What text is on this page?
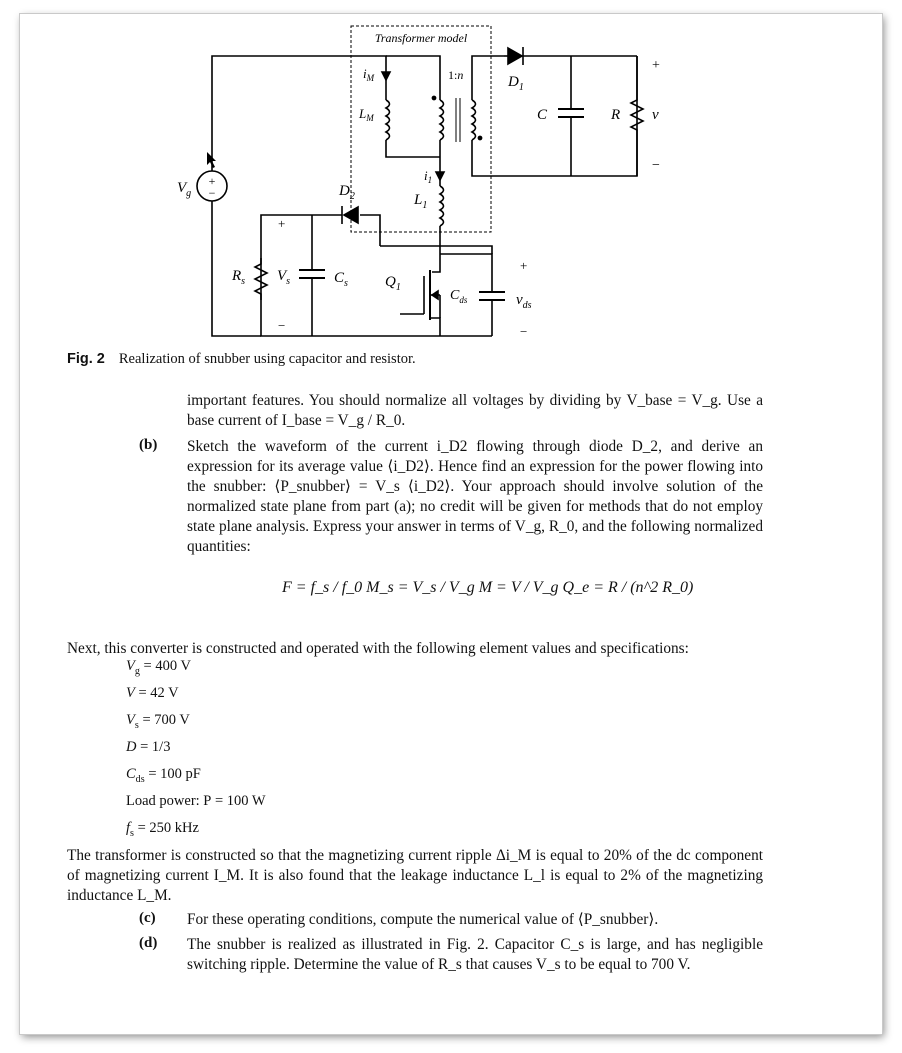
Transformer model
+
−
$V_g$
$i_M$
$L_M$
1:n	$D_1$
C	R
+
v
−
$i_1$
$L_1$
$D_2$
$R_s$
+
$V_s$
−
$C_s$ $Q_1$
$C_{ds}$
+
$v_{ds}$
−
Fig. 2 Realization of snubber using capacitor and resistor.
important features. You should normalize all voltages by dividing by V_base = V_g. Use a base current of I_base = V_g / R_0.
(b) Sketch the waveform of the current i_D2 flowing through diode D_2, and derive an expression for its average value ⟨i_D2⟩. Hence find an expression for the power flowing into the snubber: ⟨P_snubber⟩ = V_s ⟨i_D2⟩. Your approach should involve solution of the normalized state plane from part (a); no credit will be given for methods that do not employ state plane analysis. Express your answer in terms of V_g, R_0, and the following normalized quantities:
F = f_s / f_0 M_s = V_s / V_g M = V / V_g Q_e = R / (n^2 R_0)
Next, this converter is constructed and operated with the following element values and specifications:
$V_g = 400$ V
V = 42 V
$V_s = 700$ V
D = 1/3
$C_{ds} = 100$ pF
Load power: P = 100 W
$f_s = 250$ kHz
The transformer is constructed so that the magnetizing current ripple Δi_M is equal to 20% of the dc component of magnetizing current I_M. It is also found that the leakage inductance L_l is equal to 2% of the magnetizing inductance L_M.
(c) For these operating conditions, compute the numerical value of ⟨P_snubber⟩.
(d) The snubber is realized as illustrated in Fig. 2. Capacitor C_s is large, and has negligible switching ripple. Determine the value of R_s that causes V_s to be equal to 700 V.
